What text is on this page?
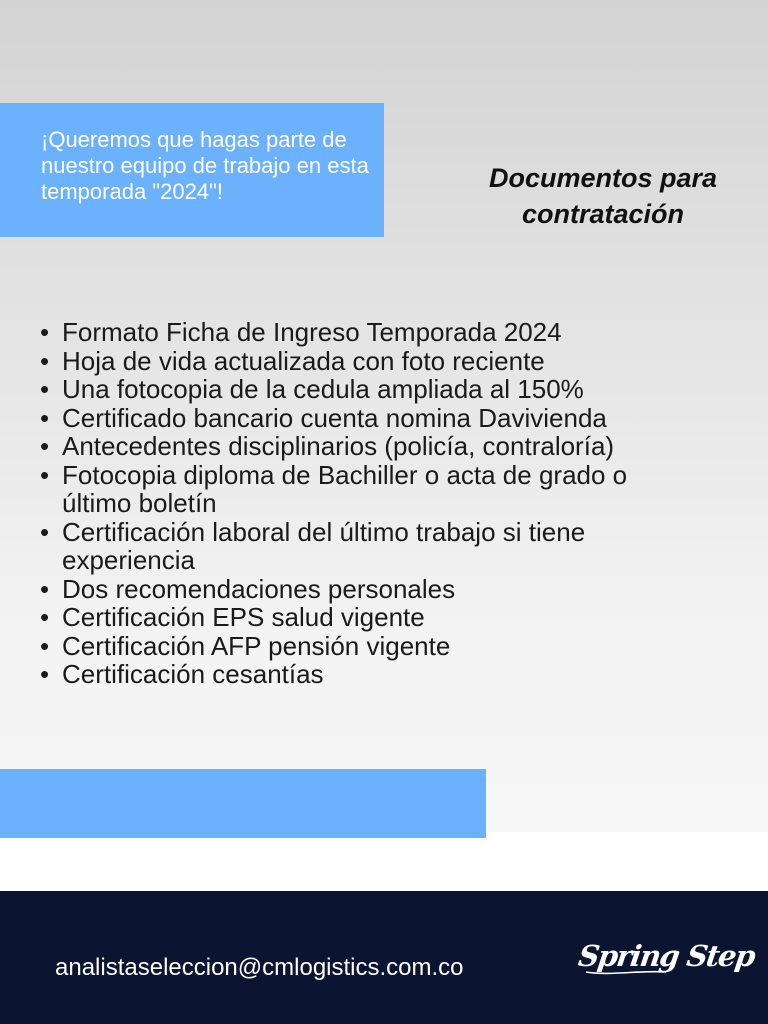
¡Queremos que hagas parte de nuestro equipo de trabajo en esta temporada "2024"!	Documentos para
contratación
• Formato Ficha de Ingreso Temporada 2024
• Hoja de vida actualizada con foto reciente
• Una fotocopia de la cedula ampliada al 150%
• Certificado bancario cuenta nomina Davivienda
• Antecedentes disciplinarios (policía, contraloría)
• Fotocopia diploma de Bachiller o acta de grado o último boletín
• Certificación laboral del último trabajo si tiene experiencia
• Dos recomendaciones personales
• Certificación EPS salud vigente
• Certificación AFP pensión vigente
• Certificación cesantías

analistaseleccion@cmlogistics.com.co	Spring Step
